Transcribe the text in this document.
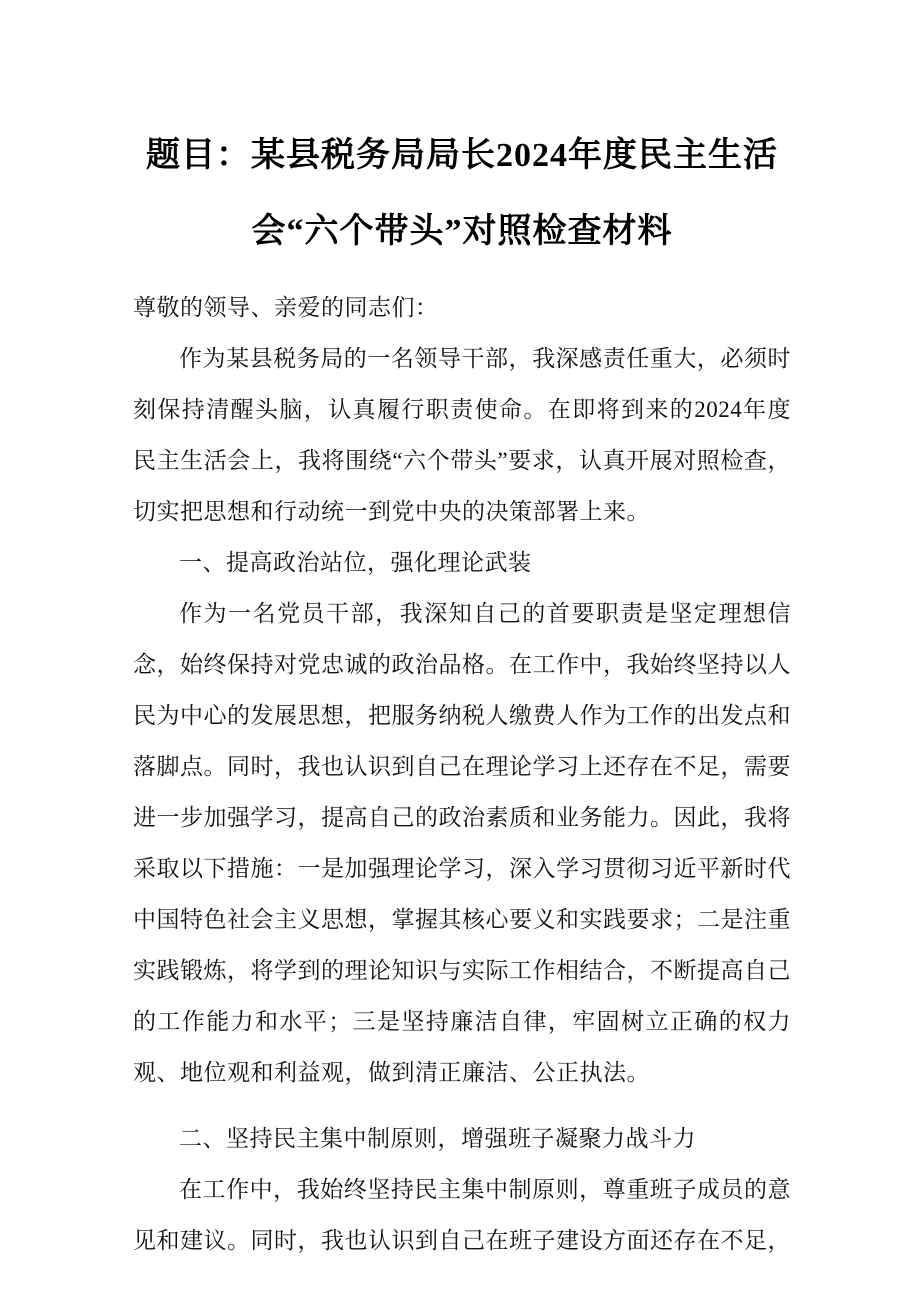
题目：某县税务局局长2024年度民主生活
会“六个带头”对照检查材料

尊敬的领导、亲爱的同志们：

作为某县税务局的一名领导干部，我深感责任重大，必须时刻保持清醒头脑，认真履行职责使命。在即将到来的2024年度民主生活会上，我将围绕“六个带头”要求，认真开展对照检查，切实把思想和行动统一到党中央的决策部署上来。

一、提高政治站位，强化理论武装

作为一名党员干部，我深知自己的首要职责是坚定理想信念，始终保持对党忠诚的政治品格。在工作中，我始终坚持以人民为中心的发展思想，把服务纳税人缴费人作为工作的出发点和落脚点。同时，我也认识到自己在理论学习上还存在不足，需要进一步加强学习，提高自己的政治素质和业务能力。因此，我将采取以下措施：一是加强理论学习，深入学习贯彻习近平新时代中国特色社会主义思想，掌握其核心要义和实践要求；二是注重实践锻炼，将学到的理论知识与实际工作相结合，不断提高自己的工作能力和水平；三是坚持廉洁自律，牢固树立正确的权力观、地位观和利益观，做到清正廉洁、公正执法。

二、坚持民主集中制原则，增强班子凝聚力战斗力

在工作中，我始终坚持民主集中制原则，尊重班子成员的意见和建议。同时，我也认识到自己在班子建设方面还存在不足，
